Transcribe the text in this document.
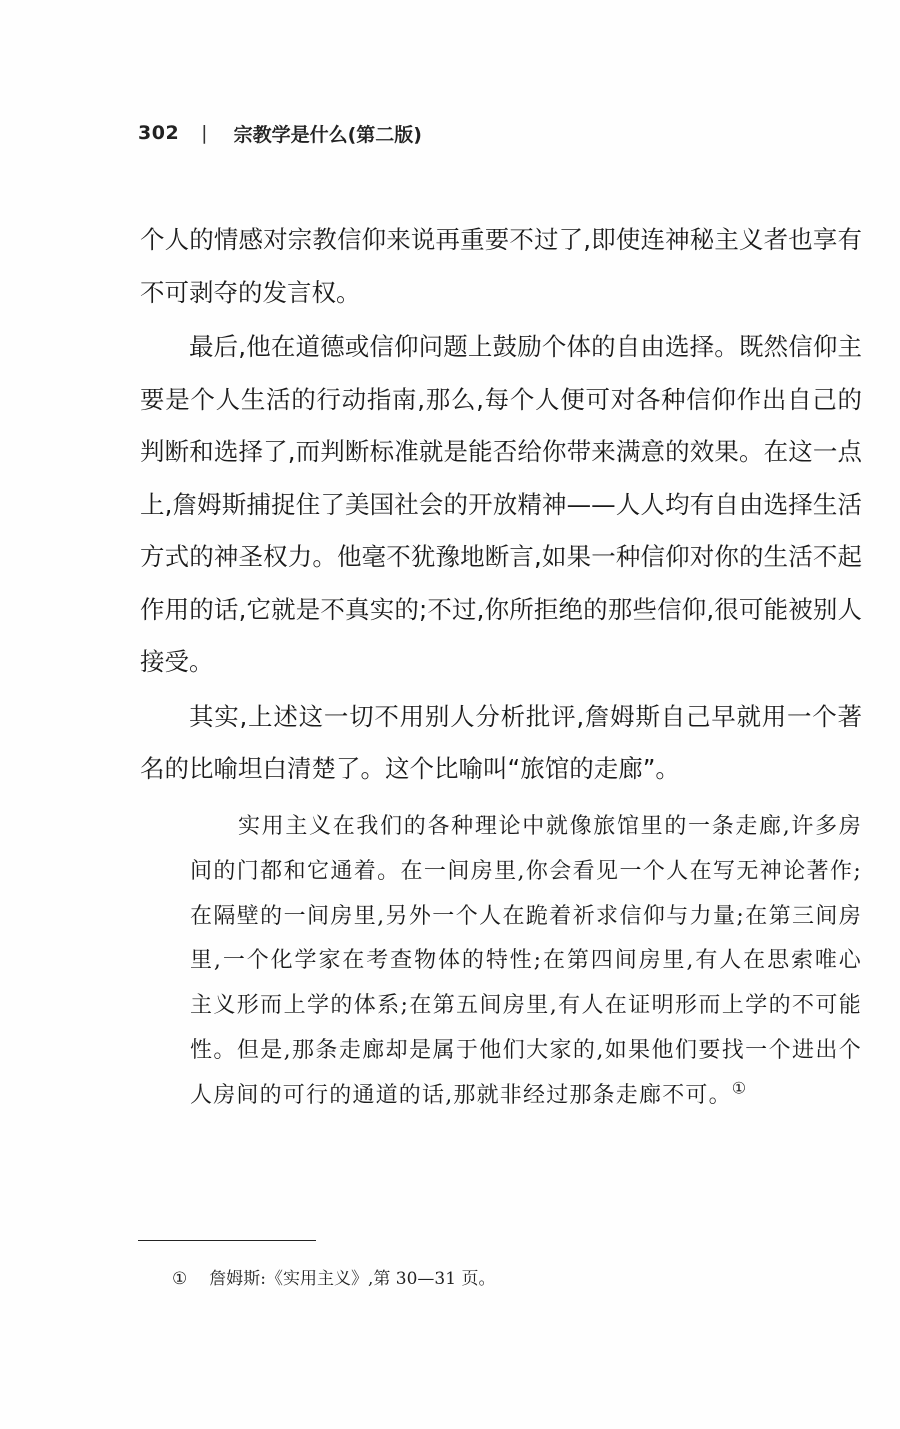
302 | 宗教学是什么(第二版)

个人的情感对宗教信仰来说再重要不过了,即使连神秘主义者也享有不可剥夺的发言权。

最后,他在道德或信仰问题上鼓励个体的自由选择。既然信仰主要是个人生活的行动指南,那么,每个人便可对各种信仰作出自己的判断和选择了,而判断标准就是能否给你带来满意的效果。在这一点上,詹姆斯捕捉住了美国社会的开放精神——人人均有自由选择生活方式的神圣权力。他毫不犹豫地断言,如果一种信仰对你的生活不起作用的话,它就是不真实的;不过,你所拒绝的那些信仰,很可能被别人接受。

其实,上述这一切不用别人分析批评,詹姆斯自己早就用一个著名的比喻坦白清楚了。这个比喻叫“旅馆的走廊”。

实用主义在我们的各种理论中就像旅馆里的一条走廊,许多房间的门都和它通着。在一间房里,你会看见一个人在写无神论著作;在隔壁的一间房里,另外一个人在跪着祈求信仰与力量;在第三间房里,一个化学家在考查物体的特性;在第四间房里,有人在思索唯心主义形而上学的体系;在第五间房里,有人在证明形而上学的不可能性。但是,那条走廊却是属于他们大家的,如果他们要找一个进出个人房间的可行的通道的话,那就非经过那条走廊不可。①

① 詹姆斯:《实用主义》,第 30—31 页。
